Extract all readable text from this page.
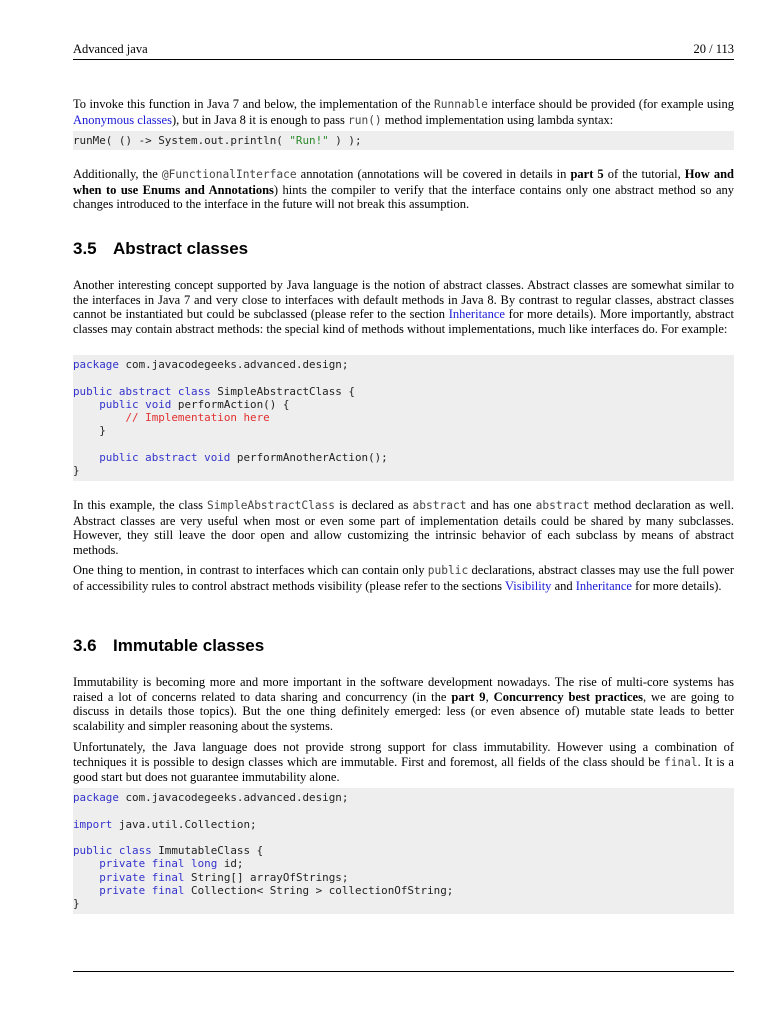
Advanced java	20 / 113

To invoke this function in Java 7 and below, the implementation of the Runnable interface should be provided (for example using Anonymous classes), but in Java 8 it is enough to pass run() method implementation using lambda syntax:

runMe( () -> System.out.println( "Run!" ) );

Additionally, the @FunctionalInterface annotation (annotations will be covered in details in part 5 of the tutorial, How and when to use Enums and Annotations) hints the compiler to verify that the interface contains only one abstract method so any changes introduced to the interface in the future will not break this assumption.

3.5 Abstract classes

Another interesting concept supported by Java language is the notion of abstract classes. Abstract classes are somewhat similar to the interfaces in Java 7 and very close to interfaces with default methods in Java 8. By contrast to regular classes, abstract classes cannot be instantiated but could be subclassed (please refer to the section Inheritance for more details). More importantly, abstract classes may contain abstract methods: the special kind of methods without implementations, much like interfaces do. For example:

package com.javacodegeeks.advanced.design;

public abstract class SimpleAbstractClass {
public void performAction() {
// Implementation here
}

public abstract void performAnotherAction();
}

In this example, the class SimpleAbstractClass is declared as abstract and has one abstract method declaration as well. Abstract classes are very useful when most or even some part of implementation details could be shared by many subclasses. However, they still leave the door open and allow customizing the intrinsic behavior of each subclass by means of abstract methods.

One thing to mention, in contrast to interfaces which can contain only public declarations, abstract classes may use the full power of accessibility rules to control abstract methods visibility (please refer to the sections Visibility and Inheritance for more details).

3.6 Immutable classes

Immutability is becoming more and more important in the software development nowadays. The rise of multi-core systems has raised a lot of concerns related to data sharing and concurrency (in the part 9, Concurrency best practices, we are going to discuss in details those topics). But the one thing definitely emerged: less (or even absence of) mutable state leads to better scalability and simpler reasoning about the systems.

Unfortunately, the Java language does not provide strong support for class immutability. However using a combination of techniques it is possible to design classes which are immutable. First and foremost, all fields of the class should be final. It is a good start but does not guarantee immutability alone.

package com.javacodegeeks.advanced.design;

import java.util.Collection;

public class ImmutableClass {
private final long id;
private final String[] arrayOfStrings;
private final Collection< String > collectionOfString;
}
